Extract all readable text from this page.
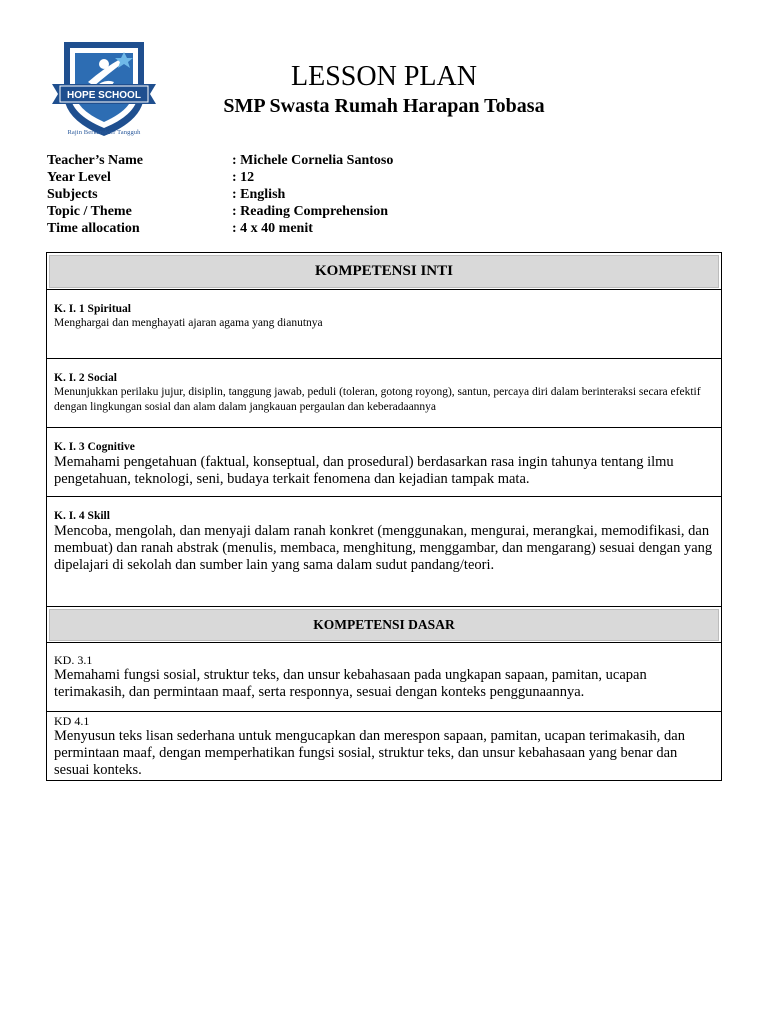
HOPE SCHOOL
Rajin Berkarakter Tangguh
LESSON PLAN
SMP Swasta Rumah Harapan Tobasa
Teacher’s Name	: Michele Cornelia Santoso
Year Level	: 12
Subjects	: English
Topic / Theme	: Reading Comprehension
Time allocation	: 4 x 40 menit
KOMPETENSI INTI
K. I. 1 Spiritual
Menghargai dan menghayati ajaran agama yang dianutnya
K. I. 2 Social
Menunjukkan perilaku jujur, disiplin, tanggung jawab, peduli (toleran, gotong royong), santun, percaya diri dalam berinteraksi secara efektif dengan lingkungan sosial dan alam dalam jangkauan pergaulan dan keberadaannya
K. I. 3 Cognitive
Memahami pengetahuan (faktual, konseptual, dan prosedural) berdasarkan rasa ingin tahunya tentang ilmu pengetahuan, teknologi, seni, budaya terkait fenomena dan kejadian tampak mata.
K. I. 4 Skill
Mencoba, mengolah, dan menyaji dalam ranah konkret (menggunakan, mengurai, merangkai, memodifikasi, dan membuat) dan ranah abstrak (menulis, membaca, menghitung, menggambar, dan mengarang) sesuai dengan yang dipelajari di sekolah dan sumber lain yang sama dalam sudut pandang/teori.
KOMPETENSI DASAR
KD. 3.1
Memahami fungsi sosial, struktur teks, dan unsur kebahasaan pada ungkapan sapaan, pamitan, ucapan terimakasih, dan permintaan maaf, serta responnya, sesuai dengan konteks penggunaannya.
KD 4.1
Menyusun teks lisan sederhana untuk mengucapkan dan merespon sapaan, pamitan, ucapan terimakasih, dan permintaan maaf, dengan memperhatikan fungsi sosial, struktur teks, dan unsur kebahasaan yang benar dan sesuai konteks.
